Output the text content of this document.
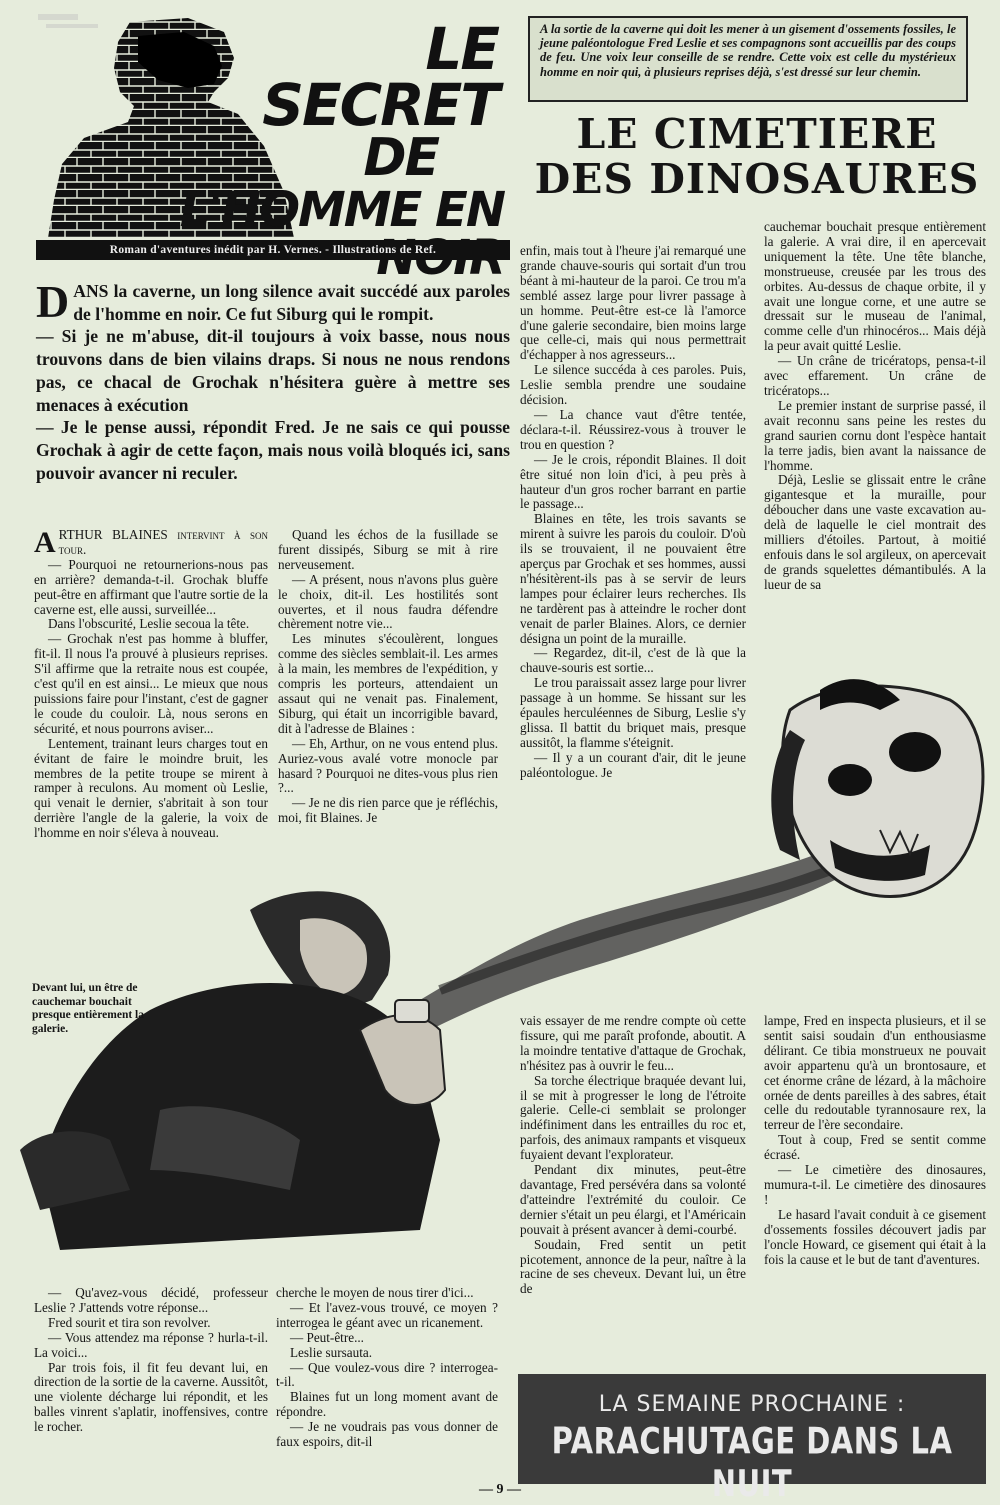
LE
SECRET
DE
L'HOMME EN
Roman d'aventures inédit par H. Vernes. - Illustrations de Ref.
A la sortie de la caverne qui doit les mener à un gisement d'ossements fossiles, le jeune paléontologue Fred Leslie et ses compagnons sont accueillis par des coups de feu. Une voix leur conseille de se rendre. Cette voix est celle du mystérieux homme en noir qui, à plusieurs reprises déjà, s'est dressé sur leur chemin.
LE CIMETIERE
DES DINOSAURES

DANS la caverne, un long silence avait succédé aux paroles de l'homme en noir. Ce fut Siburg qui le rompit.

— Si je ne m'abuse, dit-il toujours à voix basse, nous nous trouvons dans de bien vilains draps. Si nous ne nous rendons pas, ce chacal de Grochak n'hésitera guère à mettre ses menaces à exécution

— Je le pense aussi, répondit Fred. Je ne sais ce qui pousse Grochak à agir de cette façon, mais nous voilà bloqués ici, sans pouvoir avancer ni reculer.

ARTHUR BLAINES intervint à son tour.

— Pourquoi ne retournerions-nous pas en arrière? demanda-t-il. Grochak bluffe peut-être en affirmant que l'autre sortie de la caverne est, elle aussi, surveillée...

Dans l'obscurité, Leslie secoua la tête.

— Grochak n'est pas homme à bluffer, fit-il. Il nous l'a prouvé à plusieurs reprises. S'il affirme que la retraite nous est coupée, c'est qu'il en est ainsi... Le mieux que nous puissions faire pour l'instant, c'est de gagner le coude du couloir. Là, nous serons en sécurité, et nous pourrons aviser...

Lentement, trainant leurs charges tout en évitant de faire le moindre bruit, les membres de la petite troupe se mirent à ramper à reculons. Au moment où Leslie, qui venait le dernier, s'abritait à son tour derrière l'angle de la galerie, la voix de l'homme en noir s'éleva à nouveau.

Quand les échos de la fusillade se furent dissipés, Siburg se mit à rire nerveusement.

— A présent, nous n'avons plus guère le choix, dit-il. Les hostilités sont ouvertes, et il nous faudra défendre chèrement notre vie...

Les minutes s'écoulèrent, longues comme des siècles semblait-il. Les armes à la main, les membres de l'expédition, y compris les porteurs, attendaient un assaut qui ne venait pas. Finalement, Siburg, qui était un incorrigible bavard, dit à l'adresse de Blaines :

— Eh, Arthur, on ne vous entend plus. Auriez-vous avalé votre monocle par hasard ? Pourquoi ne dites-vous plus rien ?...

— Je ne dis rien parce que je réfléchis, moi, fit Blaines. Je

enfin, mais tout à l'heure j'ai remarqué une grande chauve-souris qui sortait d'un trou béant à mi-hauteur de la paroi. Ce trou m'a semblé assez large pour livrer passage à un homme. Peut-être est-ce là l'amorce d'une galerie secondaire, bien moins large que celle-ci, mais qui nous permettrait d'échapper à nos agresseurs...

Le silence succéda à ces paroles. Puis, Leslie sembla prendre une soudaine décision.

— La chance vaut d'être tentée, déclara-t-il. Réussirez-vous à trouver le trou en question ?

— Je le crois, répondit Blaines. Il doit être situé non loin d'ici, à peu près à hauteur d'un gros rocher barrant en partie le passage...

Blaines en tête, les trois savants se mirent à suivre les parois du couloir. D'où ils se trouvaient, il ne pouvaient être aperçus par Grochak et ses hommes, aussi n'hésitèrent-ils pas à se servir de leurs lampes pour éclairer leurs recherches. Ils ne tardèrent pas à atteindre le rocher dont venait de parler Blaines. Alors, ce dernier désigna un point de la muraille.

— Regardez, dit-il, c'est de là que la chauve-souris est sortie...

Le trou paraissait assez large pour livrer passage à un homme. Se hissant sur les épaules herculéennes de Siburg, Leslie s'y glissa. Il battit du briquet mais, presque aussitôt, la flamme s'éteignit.

— Il y a un courant d'air, dit le jeune paléontologue. Je

cauchemar bouchait presque entièrement la galerie. A vrai dire, il en apercevait uniquement la tête. Une tête blanche, monstrueuse, creusée par les trous des orbites. Au-dessus de chaque orbite, il y avait une longue corne, et une autre se dressait sur le museau de l'animal, comme celle d'un rhinocéros... Mais déjà la peur avait quitté Leslie.

— Un crâne de tricératops, pensa-t-il avec effarement. Un crâne de tricératops...

Le premier instant de surprise passé, il avait reconnu sans peine les restes du grand saurien cornu dont l'espèce hantait la terre jadis, bien avant la naissance de l'homme.

Déjà, Leslie se glissait entre le crâne gigantesque et la muraille, pour déboucher dans une vaste excavation au-delà de laquelle le ciel montrait des milliers d'étoiles. Partout, à moitié enfouis dans le sol argileux, on apercevait de grands squelettes démantibulés. A la lueur de sa

Devant lui, un être de cauchemar bouchait presque entièrement la galerie.

vais essayer de me rendre compte où cette fissure, qui me paraît profonde, aboutit. A la moindre tentative d'attaque de Grochak, n'hésitez pas à ouvrir le feu...

Sa torche électrique braquée devant lui, il se mit à progresser le long de l'étroite galerie. Celle-ci semblait se prolonger indéfiniment dans les entrailles du roc et, parfois, des animaux rampants et visqueux fuyaient devant l'explorateur.

Pendant dix minutes, peut-être davantage, Fred persévéra dans sa volonté d'atteindre l'extrémité du couloir. Ce dernier s'était un peu élargi, et l'Américain pouvait à présent avancer à demi-courbé.

Soudain, Fred sentit un petit picotement, annonce de la peur, naître à la racine de ses cheveux. Devant lui, un être de

lampe, Fred en inspecta plusieurs, et il se sentit saisi soudain d'un enthousiasme délirant. Ce tibia monstrueux ne pouvait avoir appartenu qu'à un brontosaure, et cet énorme crâne de lézard, à la mâchoire ornée de dents pareilles à des sabres, était celle du redoutable tyrannosaure rex, la terreur de l'ère secondaire.

Tout à coup, Fred se sentit comme écrasé.

— Le cimetière des dinosaures, mumura-t-il. Le cimetière des dinosaures !

Le hasard l'avait conduit à ce gisement d'ossements fossiles découvert jadis par l'oncle Howard, ce gisement qui était à la fois la cause et le but de tant d'aventures.

— Qu'avez-vous décidé, professeur Leslie ? J'attends votre réponse...

Fred sourit et tira son revolver.

— Vous attendez ma réponse ? hurla-t-il. La voici...

Par trois fois, il fit feu devant lui, en direction de la sortie de la caverne. Aussitôt, une violente décharge lui répondit, et les balles vinrent s'aplatir, inoffensives, contre le rocher.

cherche le moyen de nous tirer d'ici...

— Et l'avez-vous trouvé, ce moyen ? interrogea le géant avec un ricanement.

— Peut-être...

Leslie sursauta.

— Que voulez-vous dire ? interrogea-t-il.

Blaines fut un long moment avant de répondre.

— Je ne voudrais pas vous donner de faux espoirs, dit-il

LA SEMAINE PROCHAINE :
PARACHUTAGE DANS LA NUIT
— 9 —
